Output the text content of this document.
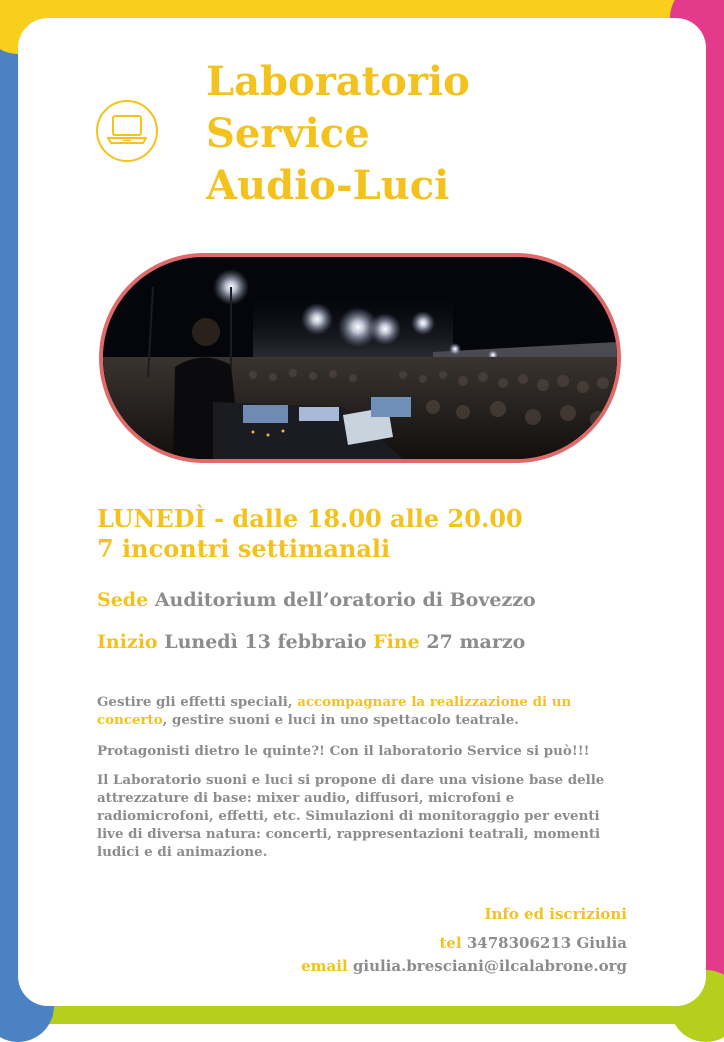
Laboratorio
Service
Audio-Luci
LUNEDÌ - dalle 18.00 alle 20.00
7 incontri settimanali

Sede Auditorium dell’oratorio di Bovezzo

Inizio Lunedì 13 febbraio Fine 27 marzo

Gestire gli effetti speciali, accompagnare la realizzazione di un concerto, gestire suoni e luci in uno spettacolo teatrale.

Protagonisti dietro le quinte?! Con il laboratorio Service si può!!!

Il Laboratorio suoni e luci si propone di dare una visione base delle attrezzature di base: mixer audio, diffusori, microfoni e radiomicrofoni, effetti, etc. Simulazioni di monitoraggio per eventi live di diversa natura: concerti, rappresentazioni teatrali, momenti ludici e di animazione.

Info ed iscrizioni

tel 3478306213 Giulia

email giulia.bresciani@ilcalabrone.org
